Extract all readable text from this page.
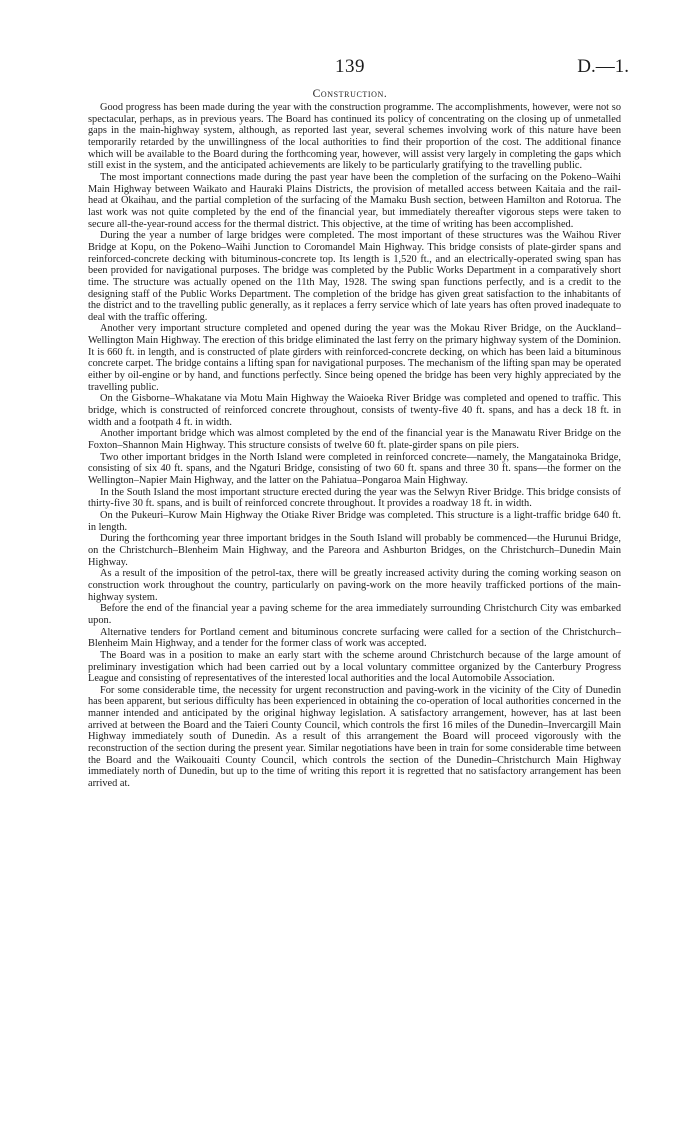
139	D.—1.
Construction.

Good progress has been made during the year with the construction programme. The accomplishments, however, were not so spectacular, perhaps, as in previous years. The Board has continued its policy of concentrating on the closing up of unmetalled gaps in the main-highway system, although, as reported last year, several schemes involving work of this nature have been temporarily retarded by the unwillingness of the local authorities to find their proportion of the cost. The additional finance which will be available to the Board during the forthcoming year, however, will assist very largely in completing the gaps which still exist in the system, and the anticipated achievements are likely to be particularly gratifying to the travelling public.

The most important connections made during the past year have been the completion of the surfacing on the Pokeno–Waihi Main Highway between Waikato and Hauraki Plains Districts, the provision of metalled access between Kaitaia and the rail-head at Okaihau, and the partial completion of the surfacing of the Mamaku Bush section, between Hamilton and Rotorua. The last work was not quite completed by the end of the financial year, but immediately thereafter vigorous steps were taken to secure all-the-year-round access for the thermal district. This objective, at the time of writing has been accomplished.

During the year a number of large bridges were completed. The most important of these structures was the Waihou River Bridge at Kopu, on the Pokeno–Waihi Junction to Coromandel Main Highway. This bridge consists of plate-girder spans and reinforced-concrete decking with bituminous-concrete top. Its length is 1,520 ft., and an electrically-operated swing span has been provided for navigational purposes. The bridge was completed by the Public Works Department in a comparatively short time. The structure was actually opened on the 11th May, 1928. The swing span functions perfectly, and is a credit to the designing staff of the Public Works Department. The completion of the bridge has given great satisfaction to the inhabitants of the district and to the travelling public generally, as it replaces a ferry service which of late years has often proved inadequate to deal with the traffic offering.

Another very important structure completed and opened during the year was the Mokau River Bridge, on the Auckland–Wellington Main Highway. The erection of this bridge eliminated the last ferry on the primary highway system of the Dominion. It is 660 ft. in length, and is constructed of plate girders with reinforced-concrete decking, on which has been laid a bituminous concrete carpet. The bridge contains a lifting span for navigational purposes. The mechanism of the lifting span may be operated either by oil-engine or by hand, and functions perfectly. Since being opened the bridge has been very highly appreciated by the travelling public.

On the Gisborne–Whakatane via Motu Main Highway the Waioeka River Bridge was completed and opened to traffic. This bridge, which is constructed of reinforced concrete throughout, consists of twenty-five 40 ft. spans, and has a deck 18 ft. in width and a footpath 4 ft. in width.

Another important bridge which was almost completed by the end of the financial year is the Manawatu River Bridge on the Foxton–Shannon Main Highway. This structure consists of twelve 60 ft. plate-girder spans on pile piers.

Two other important bridges in the North Island were completed in reinforced concrete—namely, the Mangatainoka Bridge, consisting of six 40 ft. spans, and the Ngaturi Bridge, consisting of two 60 ft. spans and three 30 ft. spans—the former on the Wellington–Napier Main Highway, and the latter on the Pahiatua–Pongaroa Main Highway.

In the South Island the most important structure erected during the year was the Selwyn River Bridge. This bridge consists of thirty-five 30 ft. spans, and is built of reinforced concrete throughout. It provides a roadway 18 ft. in width.

On the Pukeuri–Kurow Main Highway the Otiake River Bridge was completed. This structure is a light-traffic bridge 640 ft. in length.

During the forthcoming year three important bridges in the South Island will probably be commenced—the Hurunui Bridge, on the Christchurch–Blenheim Main Highway, and the Pareora and Ashburton Bridges, on the Christchurch–Dunedin Main Highway.

As a result of the imposition of the petrol-tax, there will be greatly increased activity during the coming working season on construction work throughout the country, particularly on paving-work on the more heavily trafficked portions of the main-highway system.

Before the end of the financial year a paving scheme for the area immediately surrounding Christchurch City was embarked upon.

Alternative tenders for Portland cement and bituminous concrete surfacing were called for a section of the Christchurch–Blenheim Main Highway, and a tender for the former class of work was accepted.

The Board was in a position to make an early start with the scheme around Christchurch because of the large amount of preliminary investigation which had been carried out by a local voluntary committee organized by the Canterbury Progress League and consisting of representatives of the interested local authorities and the local Automobile Association.

For some considerable time, the necessity for urgent reconstruction and paving-work in the vicinity of the City of Dunedin has been apparent, but serious difficulty has been experienced in obtaining the co-operation of local authorities concerned in the manner intended and anticipated by the original highway legislation. A satisfactory arrangement, however, has at last been arrived at between the Board and the Taieri County Council, which controls the first 16 miles of the Dunedin–Invercargill Main Highway immediately south of Dunedin. As a result of this arrangement the Board will proceed vigorously with the reconstruction of the section during the present year. Similar negotiations have been in train for some considerable time between the Board and the Waikouaiti County Council, which controls the section of the Dunedin–Christchurch Main Highway immediately north of Dunedin, but up to the time of writing this report it is regretted that no satisfactory arrangement has been arrived at.
